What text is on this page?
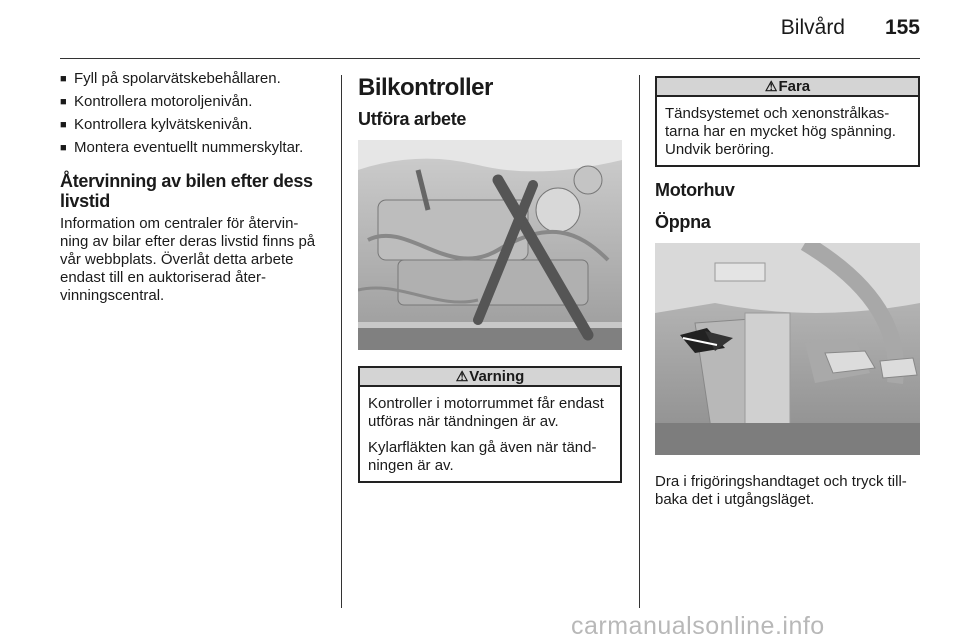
Bilvård	155
■ Fyll på spolarvätskebehållaren.
■ Kontrollera motoroljenivån.
■ Kontrollera kylvätskenivån.
■ Montera eventuellt nummerskyltar.
Återvinning av bilen efter dess livstid

Information om centraler för återvin- ning av bilar efter deras livstid finns på vår webbplats. Överlåt detta arbete endast till en auktoriserad åter- vinningscentral.

Bilkontroller
Utföra arbete
⚠Varning

Kontroller i motorrummet får endast utföras när tändningen är av.

Kylarfläkten kan gå även när tänd- ningen är av.

⚠Fara

Tändsystemet och xenonstrålkas- tarna har en mycket hög spänning. Undvik beröring.

Motorhuv
Öppna

Dra i frigöringshandtaget och tryck till- baka det i utgångsläget.

carmanualsonline.info
